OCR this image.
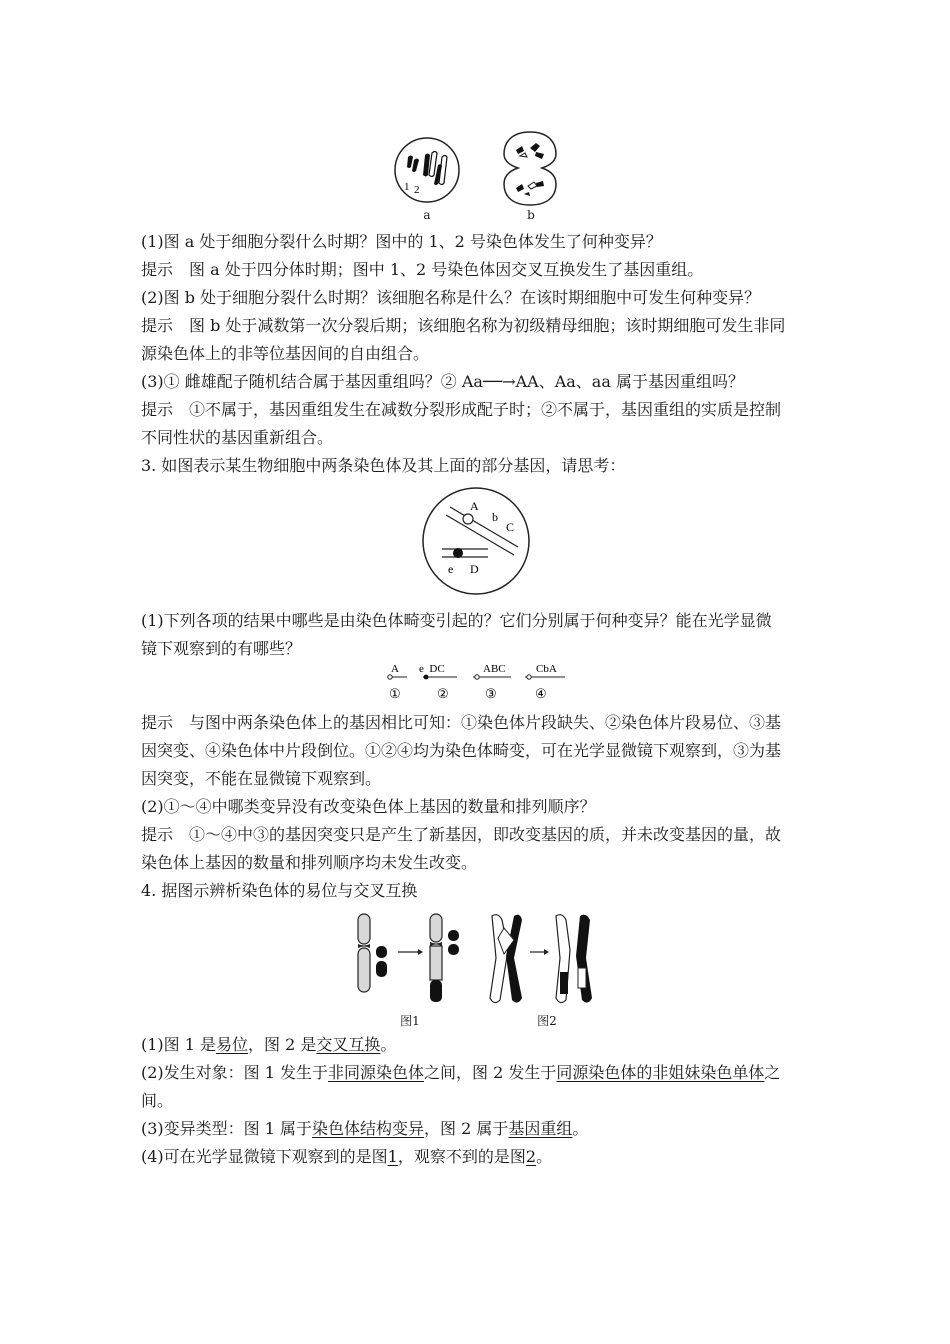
1 2
a	b
(1)图 a 处于细胞分裂什么时期？图中的 1、2 号染色体发生了何种变异？
提示 图 a 处于四分体时期；图中 1、2 号染色体因交叉互换发生了基因重组。
(2)图 b 处于细胞分裂什么时期？该细胞名称是什么？在该时期细胞中可发生何种变异？
提示 图 b 处于减数第一次分裂后期；该细胞名称为初级精母细胞；该时期细胞可发生非同
源染色体上的非等位基因间的自由组合。
(3)① 雌雄配子随机结合属于基因重组吗？② Aa──→AA、Aa、aa 属于基因重组吗？
提示 ①不属于，基因重组发生在减数分裂形成配子时；②不属于，基因重组的实质是控制
不同性状的基因重新组合。
3. 如图表示某生物细胞中两条染色体及其上面的部分基因，请思考：
A
b
C
e D
(1)下列各项的结果中哪些是由染色体畸变引起的？它们分别属于何种变异？能在光学显微
镜下观察到的有哪些？
A
①
e  DC
②
ABC
③
CbA
④
提示 与图中两条染色体上的基因相比可知：①染色体片段缺失、②染色体片段易位、③基
因突变、④染色体中片段倒位。①②④均为染色体畸变，可在光学显微镜下观察到，③为基
因突变，不能在显微镜下观察到。
(2)①～④中哪类变异没有改变染色体上基因的数量和排列顺序？
提示 ①～④中③的基因突变只是产生了新基因，即改变基因的质，并未改变基因的量，故
染色体上基因的数量和排列顺序均未发生改变。
4. 据图示辨析染色体的易位与交叉互换
图1	图2
(1)图 1 是易位，图 2 是交叉互换。
(2)发生对象：图 1 发生于非同源染色体之间，图 2 发生于同源染色体的非姐妹染色单体之
间。
(3)变异类型：图 1 属于染色体结构变异，图 2 属于基因重组。
(4)可在光学显微镜下观察到的是图1，观察不到的是图2。
